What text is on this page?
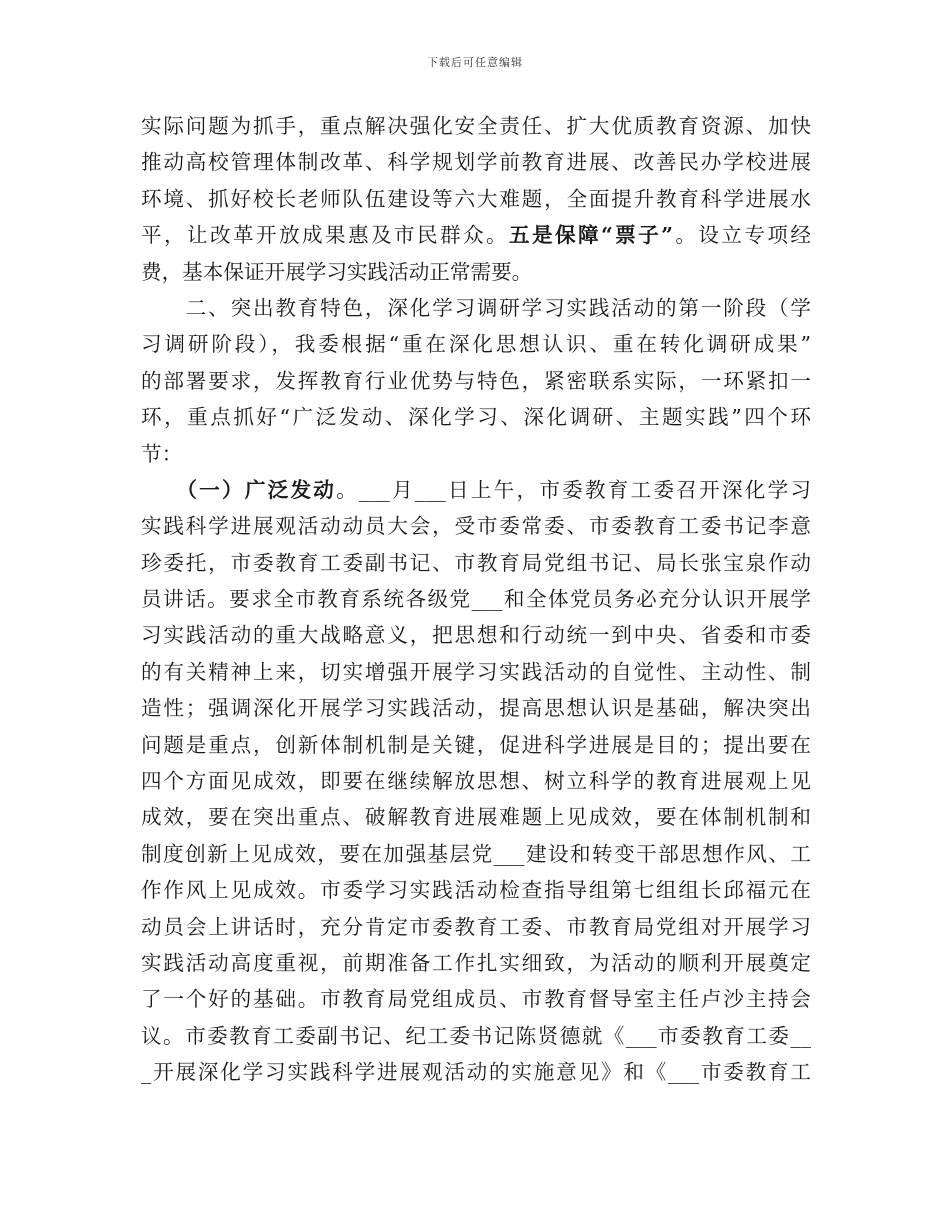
下载后可任意编辑
实际问题为抓手，重点解决强化安全责任、扩大优质教育资源、加快
推动高校管理体制改革、科学规划学前教育进展、改善民办学校进展
环境、抓好校长老师队伍建设等六大难题，全面提升教育科学进展水
平，让改革开放成果惠及市民群众。五是保障“票子”。设立专项经
费，基本保证开展学习实践活动正常需要。
　　二、突出教育特色，深化学习调研学习实践活动的第一阶段（学
习调研阶段），我委根据“重在深化思想认识、重在转化调研成果”
的部署要求，发挥教育行业优势与特色，紧密联系实际，一环紧扣一
环，重点抓好“广泛发动、深化学习、深化调研、主题实践”四个环
节：
　　（一）广泛发动。___月___日上午，市委教育工委召开深化学习
实践科学进展观活动动员大会，受市委常委、市委教育工委书记李意
珍委托，市委教育工委副书记、市教育局党组书记、局长张宝泉作动
员讲话。要求全市教育系统各级党___和全体党员务必充分认识开展学
习实践活动的重大战略意义，把思想和行动统一到中央、省委和市委
的有关精神上来，切实增强开展学习实践活动的自觉性、主动性、制
造性；强调深化开展学习实践活动，提高思想认识是基础，解决突出
问题是重点，创新体制机制是关键，促进科学进展是目的；提出要在
四个方面见成效，即要在继续解放思想、树立科学的教育进展观上见
成效，要在突出重点、破解教育进展难题上见成效，要在体制机制和
制度创新上见成效，要在加强基层党___建设和转变干部思想作风、工
作作风上见成效。市委学习实践活动检查指导组第七组组长邱福元在
动员会上讲话时，充分肯定市委教育工委、市教育局党组对开展学习
实践活动高度重视，前期准备工作扎实细致，为活动的顺利开展奠定
了一个好的基础。市教育局党组成员、市教育督导室主任卢沙主持会
议。市委教育工委副书记、纪工委书记陈贤德就《___市委教育工委__
_开展深化学习实践科学进展观活动的实施意见》和《___市委教育工
